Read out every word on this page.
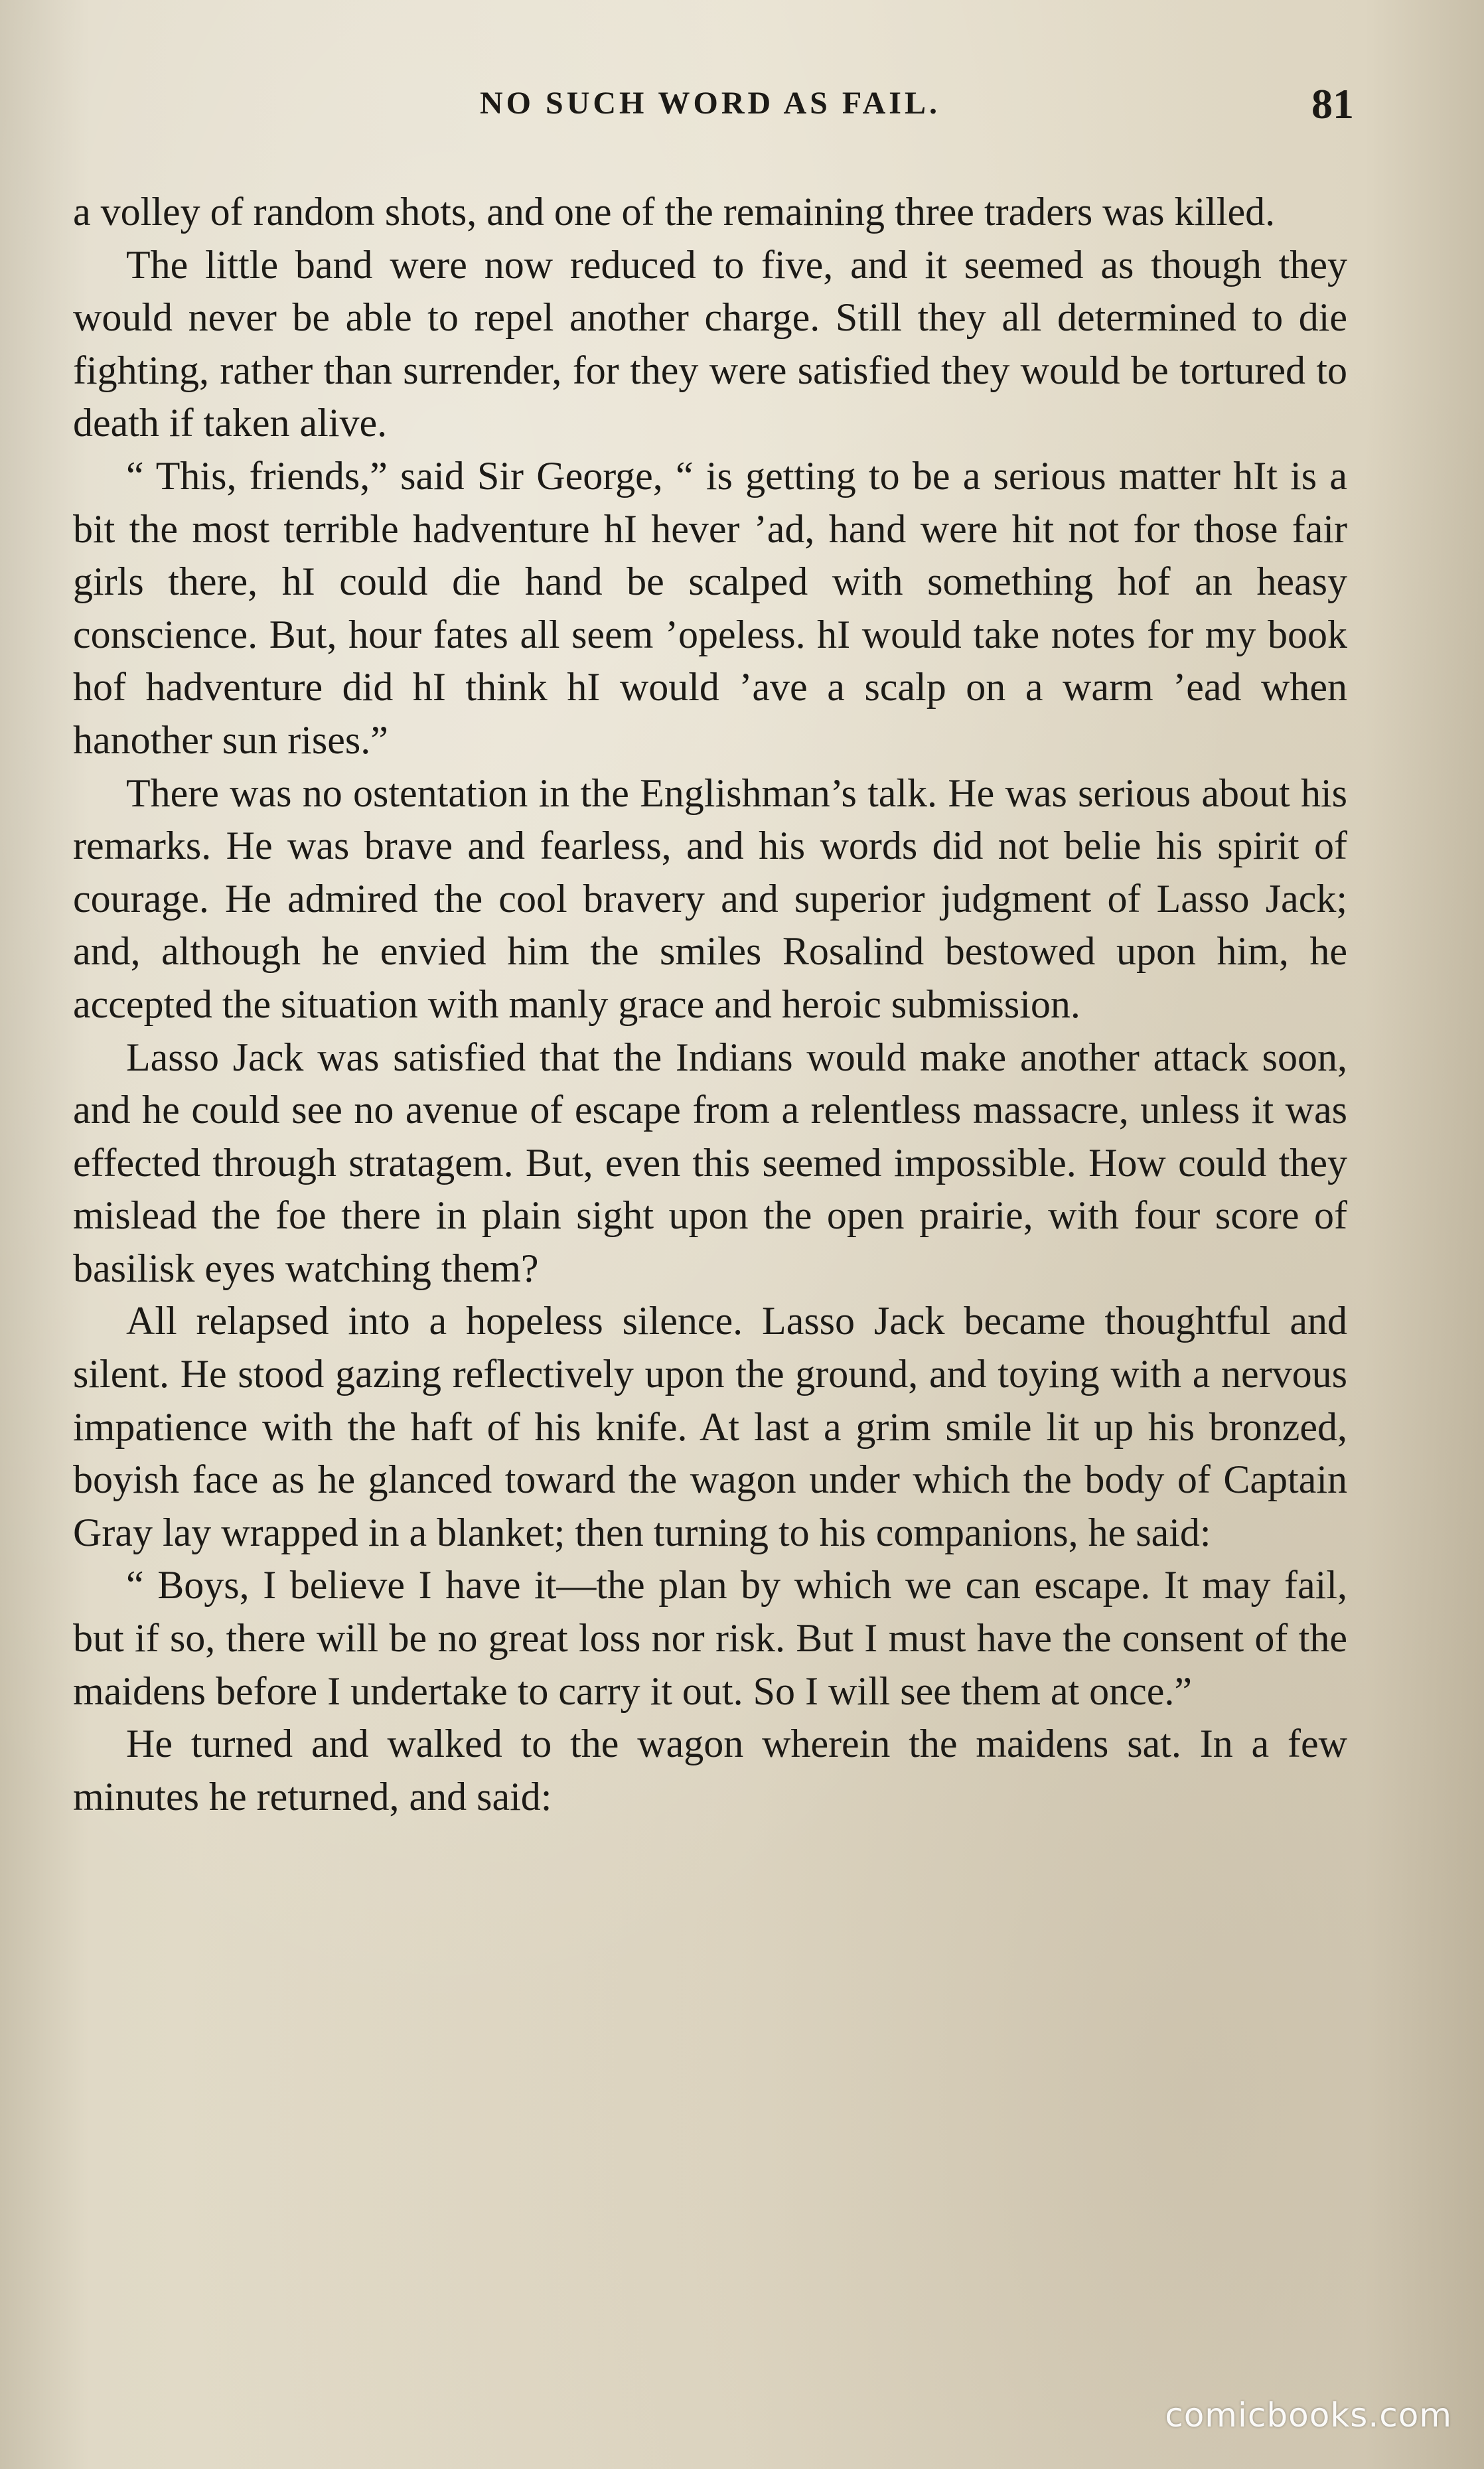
NO SUCH WORD AS FAIL.	81

a volley of random shots, and one of the remaining three traders was killed.

The little band were now reduced to five, and it seemed as though they would never be able to repel another charge. Still they all determined to die fighting, rather than surrender, for they were satisfied they would be tortured to death if taken alive.

“ This, friends,” said Sir George, “ is getting to be a serious matter hIt is a bit the most terrible hadventure hI hever ’ad, hand were hit not for those fair girls there, hI could die hand be scalped with something hof an heasy conscience. But, hour fates all seem ’opeless. hI would take notes for my book hof hadventure did hI think hI would ’ave a scalp on a warm ’ead when hanother sun rises.”

There was no ostentation in the Englishman’s talk. He was serious about his remarks. He was brave and fearless, and his words did not belie his spirit of courage. He admired the cool bravery and superior judgment of Lasso Jack; and, although he envied him the smiles Rosalind bestowed upon him, he accepted the situation with manly grace and heroic submission.

Lasso Jack was satisfied that the Indians would make another attack soon, and he could see no avenue of escape from a relentless massacre, unless it was effected through stratagem. But, even this seemed impossible. How could they mislead the foe there in plain sight upon the open prairie, with four score of basilisk eyes watching them?

All relapsed into a hopeless silence. Lasso Jack became thoughtful and silent. He stood gazing reflectively upon the ground, and toying with a nervous impatience with the haft of his knife. At last a grim smile lit up his bronzed, boyish face as he glanced toward the wagon under which the body of Captain Gray lay wrapped in a blanket; then turning to his companions, he said:

“ Boys, I believe I have it—the plan by which we can escape. It may fail, but if so, there will be no great loss nor risk. But I must have the consent of the maidens before I undertake to carry it out. So I will see them at once.”

He turned and walked to the wagon wherein the maidens sat. In a few minutes he returned, and said:

comicbooks.com
